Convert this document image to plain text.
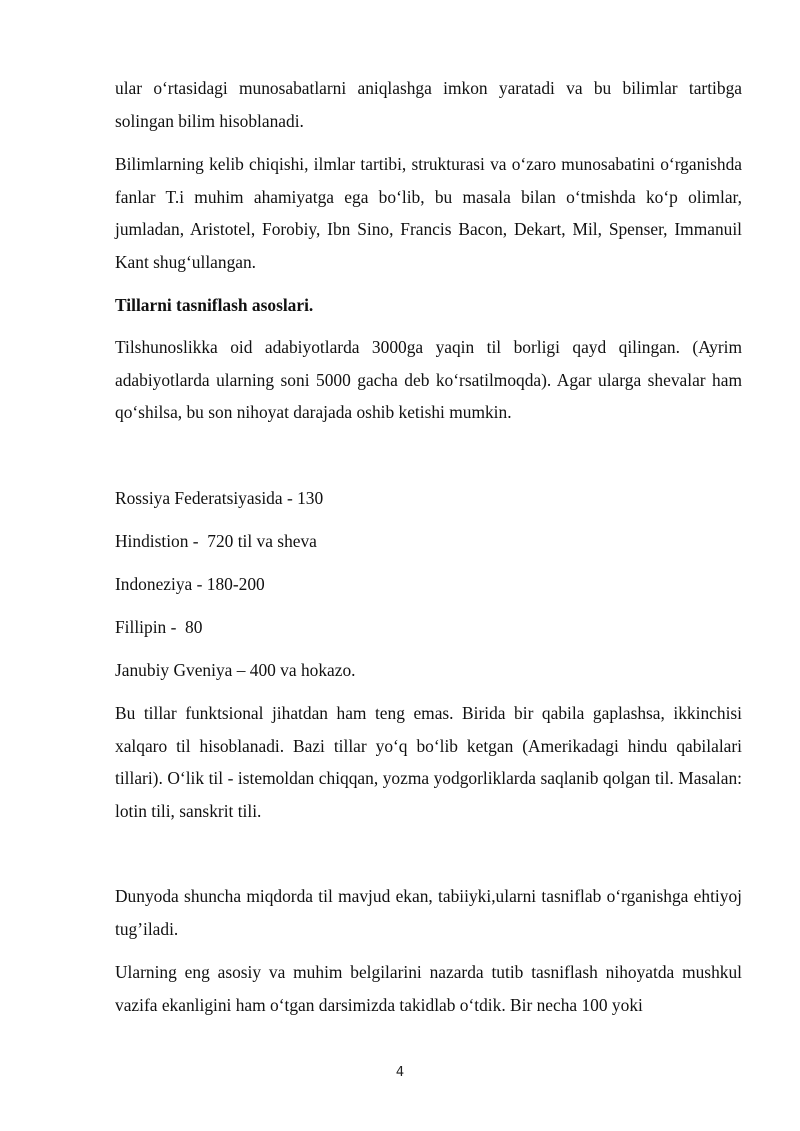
ular o‘rtasidagi munosabatlarni aniqlashga imkon yaratadi va bu bilimlar tartibga solingan bilim hisoblanadi.

Bilimlarning kelib chiqishi, ilmlar tartibi, strukturasi va o‘zaro munosabatini o‘rganishda fanlar T.i muhim ahamiyatga ega bo‘lib, bu masala bilan o‘tmishda ko‘p olimlar, jumladan, Aristotel, Forobiy, Ibn Sino, Francis Bacon, Dekart, Mil, Spenser, Immanuil Kant shug‘ullangan.

Tillarni tasniflash asoslari.

Tilshunoslikka oid adabiyotlarda 3000ga yaqin til borligi qayd qilingan. (Ayrim adabiyotlarda ularning soni 5000 gacha deb ko‘rsatilmoqda). Agar ularga shevalar ham qo‘shilsa, bu son nihoyat darajada oshib ketishi mumkin.

Rossiya Federatsiyasida - 130

Hindistion -  720 til va sheva

Indoneziya - 180-200

Fillipin -  80

Janubiy Gveniya – 400 va hokazo.

Bu tillar funktsional jihatdan ham teng emas. Birida bir qabila gaplashsa, ikkinchisi xalqaro til hisoblanadi. Bazi tillar yo‘q bo‘lib ketgan (Amerikadagi hindu qabilalari tillari). O‘lik til - istemoldan chiqqan, yozma yodgorliklarda saqlanib qolgan til. Masalan: lotin tili, sanskrit tili.

Dunyoda shuncha miqdorda til mavjud ekan, tabiiyki,ularni tasniflab o‘rganishga ehtiyoj tug’iladi.

Ularning eng asosiy va muhim belgilarini nazarda tutib tasniflash nihoyatda mushkul vazifa ekanligini ham o‘tgan darsimizda takidlab o‘tdik. Bir necha 100 yoki

4
